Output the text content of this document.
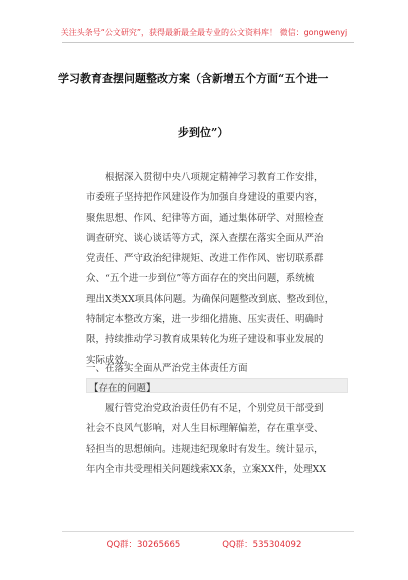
关注头条号“公文研究”，获得最新最全最专业的公文资料库！ 微信：gongwenyj
学习教育查摆问题整改方案（含新增五个方面“五个进一
步到位”）

根据深入贯彻中央八项规定精神学习教育工作安排，

市委班子坚持把作风建设作为加强自身建设的重要内容，

聚焦思想、作风、纪律等方面，通过集体研学、对照检查

调查研究、谈心谈话等方式，深入查摆在落实全面从严治

党责任、严守政治纪律规矩、改进工作作风、密切联系群

众、“五个进一步到位”等方面存在的突出问题，系统梳

理出X类XX项具体问题。为确保问题整改到底、整改到位，

特制定本整改方案，进一步细化措施、压实责任、明确时

限，持续推动学习教育成果转化为班子建设和事业发展的

实际成效。

一、在落实全面从严治党主体责任方面
【存在的问题】

履行管党治党政治责任仍有不足，个别党员干部受到

社会不良风气影响，对人生目标理解偏差，存在重享受、

轻担当的思想倾向。违规违纪现象时有发生。统计显示，

年内全市共受理相关问题线索XX条，立案XX件，处理XX

QQ群：30265665	QQ群：535304092
